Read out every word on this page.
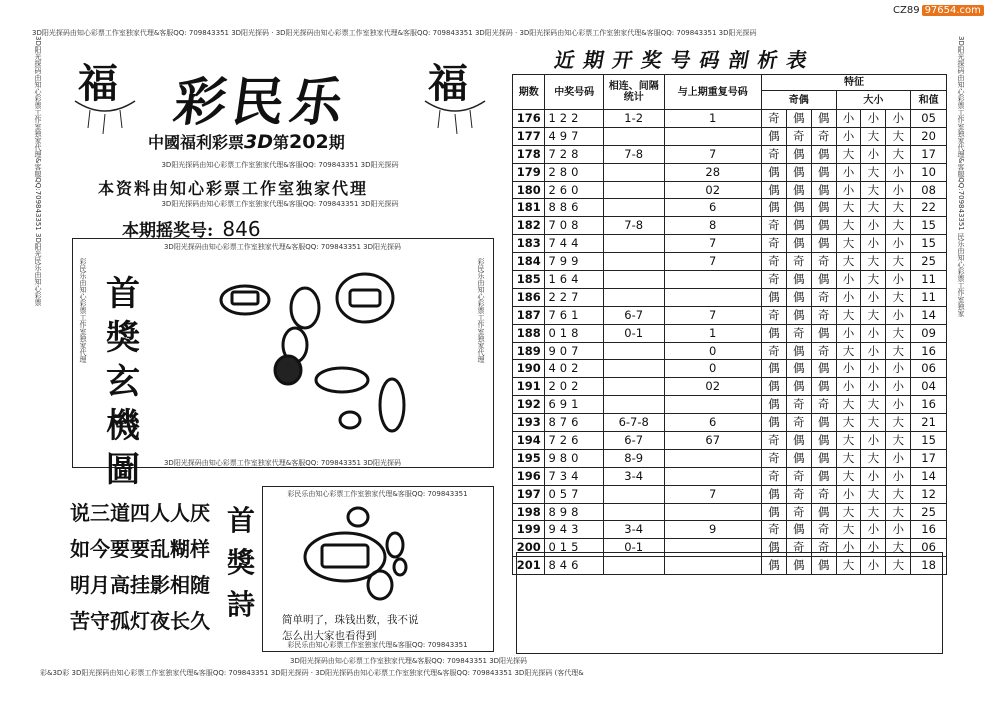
3D阳光探码由知心彩票工作室独家代理&客服QQ: 709843351 3D阳光探码 · 3D阳光探码由知心彩票工作室独家代理&客服QQ: 709843351 3D阳光探码 · 3D阳光探码由知心彩票工作室独家代理&客服QQ: 709843351 3D阳光探码
彩&3D彩 3D阳光探码由知心彩票工作室独家代理&客服QQ: 709843351 3D阳光探码 · 3D阳光探码由知心彩票工作室独家代理&客服QQ: 709843351 3D阳光探码 (客代理&
3D阳光探码由知心彩票工作室独家代理&客服QQ:709843351 3D阳光民乐由知心彩票	3D阳光探码由知心彩票工作室独家代理&客服QQ:709843351 民乐由知心彩票工作室独家
CZ89 97654.com
福	福
彩民乐
中國福利彩票3D第202期
3D阳光探码由知心彩票工作室独家代理&客服QQ: 709843351 3D阳光探码
本资料由知心彩票工作室独家代理
3D阳光探码由知心彩票工作室独家代理&客服QQ: 709843351 3D阳光探码
本期摇奖号: 846
3D阳光探码由知心彩票工作室独家代理&客服QQ: 709843351 3D阳光探码
3D阳光探码由知心彩票工作室独家代理&客服QQ: 709843351 3D阳光探码
彩民乐由知心彩票工作室独家代理	彩民乐由知心彩票工作室独家代理
首
獎
玄
機
圖
说三道四人人厌
如今要要乱糊样
明月高挂影相随
苦守孤灯夜长久
首
獎
詩
彩民乐由知心彩票工作室独家代理&客服QQ: 709843351
彩民乐由知心彩票工作室独家代理&客服QQ: 709843351
简单明了，珠钱出数，我不说
怎么出大家也看得到
3D阳光探码由知心彩票工作室独家代理&客服QQ: 709843351 3D阳光探码
近期开奖号码剖析表
期数	中奖号码	相连、间隔统计	与上期重复号码	特征						
				奇偶			大小			和值
176	122	1-2	1	奇	偶	偶	小	小	小	05
177	497			偶	奇	奇	小	大	大	20
178	728	7-8	7	奇	偶	偶	大	小	大	17
179	280		28	偶	偶	偶	小	大	小	10
180	260		02	偶	偶	偶	小	大	小	08
181	886		6	偶	偶	偶	大	大	大	22
182	708	7-8	8	奇	偶	偶	大	小	大	15
183	744		7	奇	偶	偶	大	小	小	15
184	799		7	奇	奇	奇	大	大	大	25
185	164			奇	偶	偶	小	大	小	11
186	227			偶	偶	奇	小	小	大	11
187	761	6-7	7	奇	偶	奇	大	大	小	14
188	018	0-1	1	偶	奇	偶	小	小	大	09
189	907		0	奇	偶	奇	大	小	大	16
190	402		0	偶	偶	偶	小	小	小	06
191	202		02	偶	偶	偶	小	小	小	04
192	691			偶	奇	奇	大	大	小	16
193	876	6-7-8	6	偶	奇	偶	大	大	大	21
194	726	6-7	67	奇	偶	偶	大	小	大	15
195	980	8-9		奇	偶	偶	大	大	小	17
196	734	3-4		奇	奇	偶	大	小	小	14
197	057		7	偶	奇	奇	小	大	大	12
198	898			偶	奇	偶	大	大	大	25
199	943	3-4	9	奇	偶	奇	大	小	小	16
200	015	0-1		偶	奇	奇	小	小	大	06
201	846			偶	偶	偶	大	小	大	18
